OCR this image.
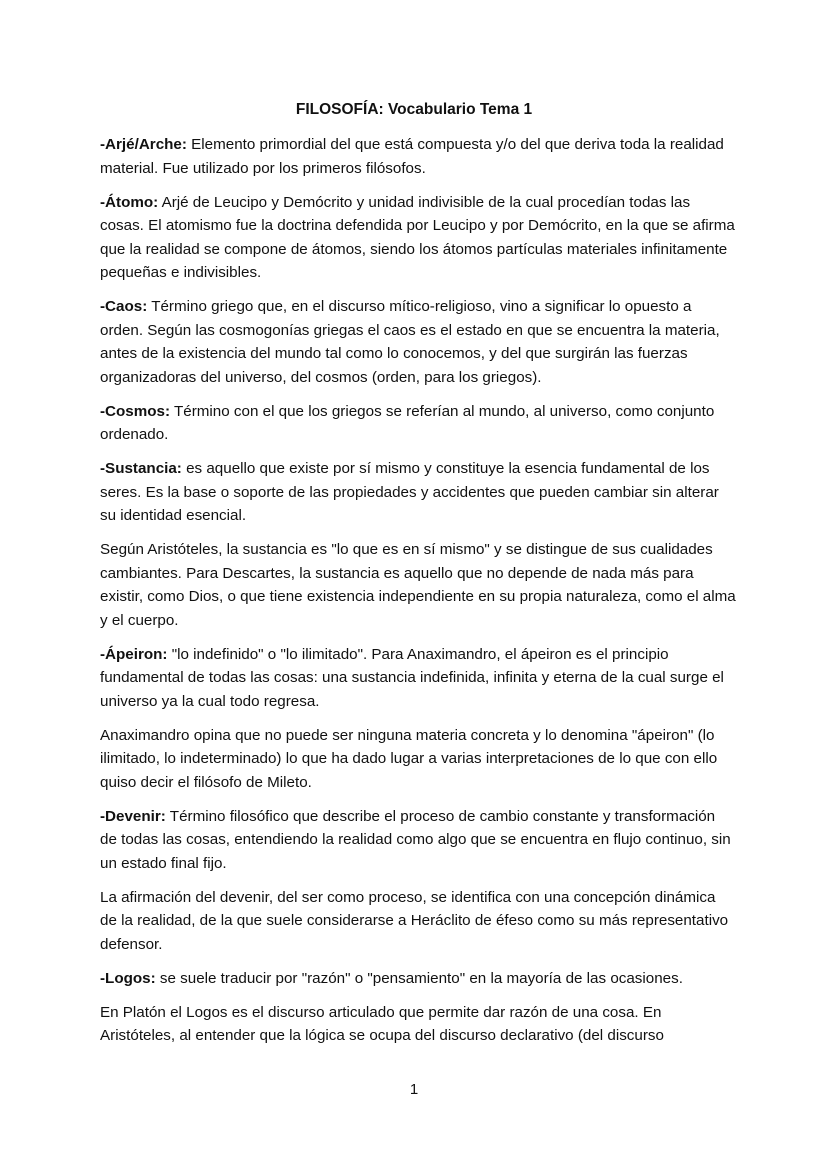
FILOSOFÍA: Vocabulario Tema 1

-Arjé/Arche: Elemento primordial del que está compuesta y/o del que deriva toda la realidad material. Fue utilizado por los primeros filósofos.

-Átomo: Arjé de Leucipo y Demócrito y unidad indivisible de la cual procedían todas las cosas. El atomismo fue la doctrina defendida por Leucipo y por Demócrito, en la que se afirma que la realidad se compone de átomos, siendo los átomos partículas materiales infinitamente pequeñas e indivisibles.

-Caos: Término griego que, en el discurso mítico-religioso, vino a significar lo opuesto a orden. Según las cosmogonías griegas el caos es el estado en que se encuentra la materia, antes de la existencia del mundo tal como lo conocemos, y del que surgirán las fuerzas organizadoras del universo, del cosmos (orden, para los griegos).

-Cosmos: Término con el que los griegos se referían al mundo, al universo, como conjunto ordenado.

-Sustancia: es aquello que existe por sí mismo y constituye la esencia fundamental de los seres. Es la base o soporte de las propiedades y accidentes que pueden cambiar sin alterar su identidad esencial.

Según Aristóteles, la sustancia es "lo que es en sí mismo" y se distingue de sus cualidades cambiantes. Para Descartes, la sustancia es aquello que no depende de nada más para existir, como Dios, o que tiene existencia independiente en su propia naturaleza, como el alma y el cuerpo.

-Ápeiron: "lo indefinido" o "lo ilimitado". Para Anaximandro, el ápeiron es el principio fundamental de todas las cosas: una sustancia indefinida, infinita y eterna de la cual surge el universo ya la cual todo regresa.

Anaximandro opina que no puede ser ninguna materia concreta y lo denomina "ápeiron" (lo ilimitado, lo indeterminado) lo que ha dado lugar a varias interpretaciones de lo que con ello quiso decir el filósofo de Mileto.

-Devenir: Término filosófico que describe el proceso de cambio constante y transformación de todas las cosas, entendiendo la realidad como algo que se encuentra en flujo continuo, sin un estado final fijo.

La afirmación del devenir, del ser como proceso, se identifica con una concepción dinámica de la realidad, de la que suele considerarse a Heráclito de éfeso como su más representativo defensor.

-Logos: se suele traducir por "razón" o "pensamiento" en la mayoría de las ocasiones.

En Platón el Logos es el discurso articulado que permite dar razón de una cosa. En Aristóteles, al entender que la lógica se ocupa del discurso declarativo (del discurso

1
